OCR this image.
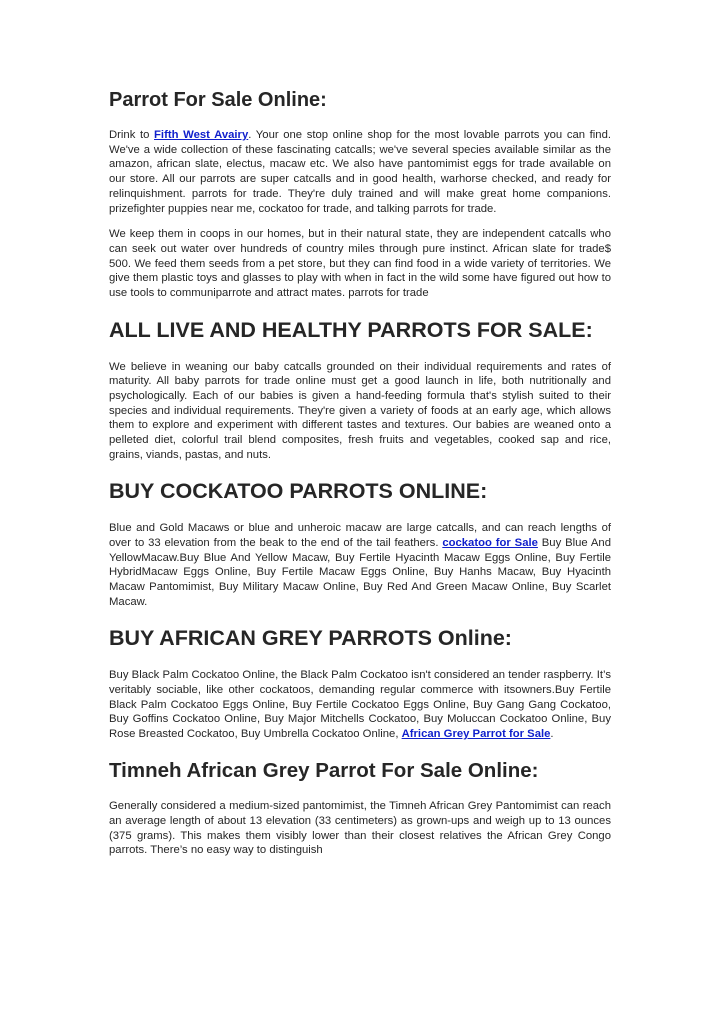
Parrot For Sale Online:

Drink to Fifth West Avairy. Your one stop online shop for the most lovable parrots you can find. We've a wide collection of these fascinating catcalls; we've several species available similar as the amazon, african slate, electus, macaw etc. We also have pantomimist eggs for trade available on our store. All our parrots are super catcalls and in good health, warhorse checked, and ready for relinquishment. parrots for trade. They're duly trained and will make great home companions. prizefighter puppies near me, cockatoo for trade, and talking parrots for trade.

We keep them in coops in our homes, but in their natural state, they are independent catcalls who can seek out water over hundreds of country miles through pure instinct. African slate for trade$ 500. We feed them seeds from a pet store, but they can find food in a wide variety of territories. We give them plastic toys and glasses to play with when in fact in the wild some have figured out how to use tools to communiparrote and attract mates. parrots for trade

ALL LIVE AND HEALTHY PARROTS FOR SALE:

We believe in weaning our baby catcalls grounded on their individual requirements and rates of maturity. All baby parrots for trade online must get a good launch in life, both nutritionally and psychologically. Each of our babies is given a hand-feeding formula that's stylish suited to their species and individual requirements. They're given a variety of foods at an early age, which allows them to explore and experiment with different tastes and textures. Our babies are weaned onto a pelleted diet, colorful trail blend composites, fresh fruits and vegetables, cooked sap and rice, grains, viands, pastas, and nuts.

BUY COCKATOO PARROTS ONLINE:

Blue and Gold Macaws or blue and unheroic macaw are large catcalls, and can reach lengths of over to 33 elevation from the beak to the end of the tail feathers. cockatoo for Sale Buy Blue And YellowMacaw.Buy Blue And Yellow Macaw, Buy Fertile Hyacinth Macaw Eggs Online, Buy Fertile HybridMacaw Eggs Online, Buy Fertile Macaw Eggs Online, Buy Hanhs Macaw, Buy Hyacinth Macaw Pantomimist, Buy Military Macaw Online, Buy Red And Green Macaw Online, Buy Scarlet Macaw.

BUY AFRICAN GREY PARROTS Online:

Buy Black Palm Cockatoo Online, the Black Palm Cockatoo isn't considered an tender raspberry. It’s veritably sociable, like other cockatoos, demanding regular commerce with itsowners.Buy Fertile Black Palm Cockatoo Eggs Online, Buy Fertile Cockatoo Eggs Online, Buy Gang Gang Cockatoo, Buy Goffins Cockatoo Online, Buy Major Mitchells Cockatoo, Buy Moluccan Cockatoo Online, Buy Rose Breasted Cockatoo, Buy Umbrella Cockatoo Online, African Grey Parrot for Sale.

Timneh African Grey Parrot For Sale Online:

Generally considered a medium-sized pantomimist, the Timneh African Grey Pantomimist can reach an average length of about 13 elevation (33 centimeters) as grown-ups and weigh up to 13 ounces (375 grams). This makes them visibly lower than their closest relatives the African Grey Congo parrots. There’s no easy way to distinguish
